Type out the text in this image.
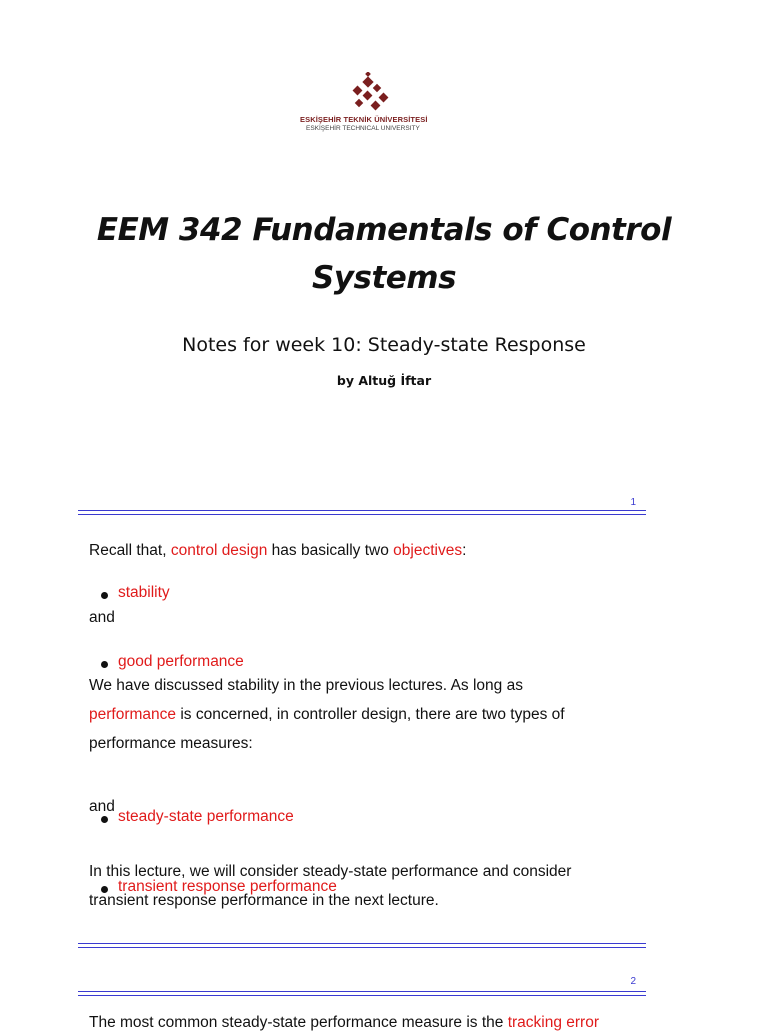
ESKİŞEHİR TEKNİK ÜNİVERSİTESİ
ESKİŞEHİR TECHNICAL UNIVERSITY
EEM 342 Fundamentals of Control
Systems
Notes for week 10: Steady-state Response
by Altuğ İftar
1
Recall that, control design has basically two objectives:
stability
and
good performance
We have discussed stability in the previous lectures. As long as
performance is concerned, in controller design, there are two types of
performance measures:
steady-state performance
and
transient response performance
In this lecture, we will consider steady-state performance and consider
transient response performance in the next lecture.
2
The most common steady-state performance measure is the tracking error
